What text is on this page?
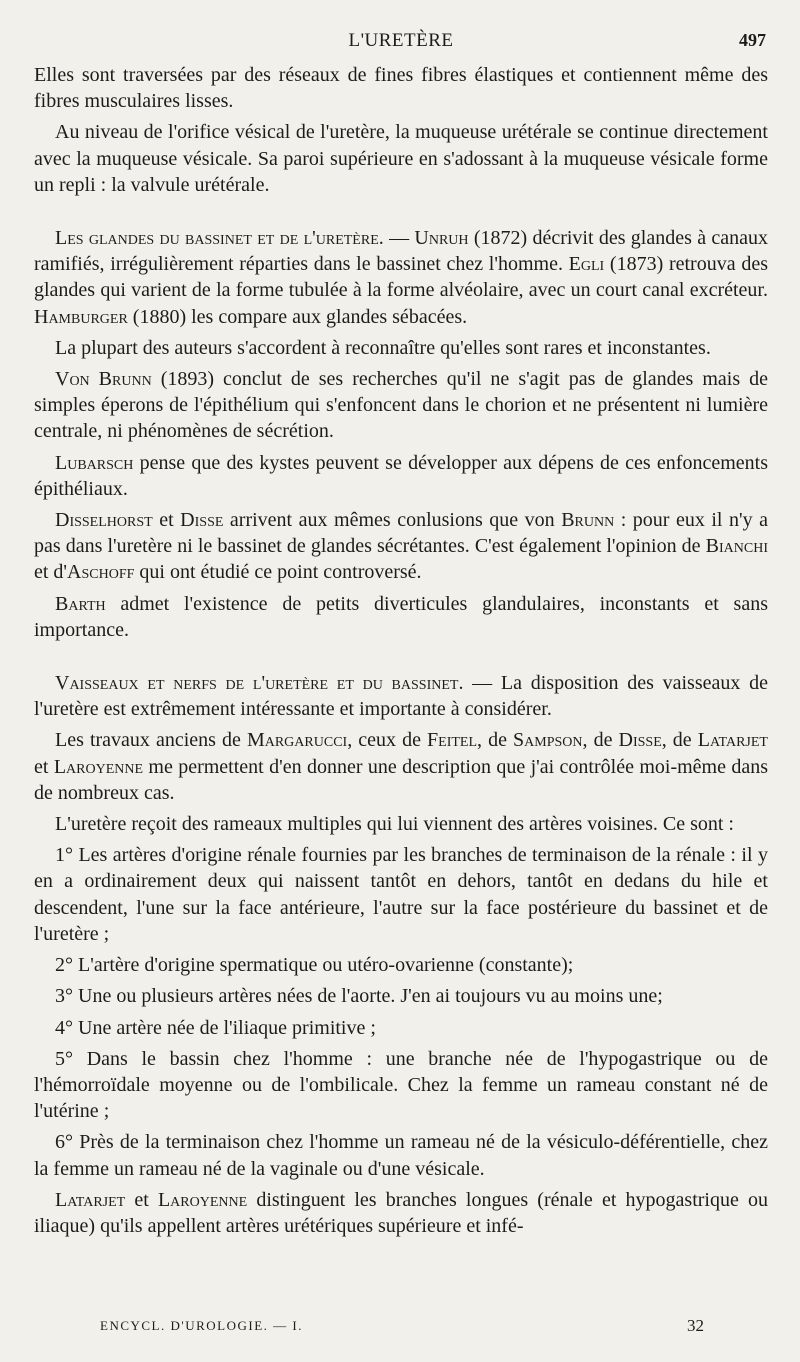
L'URETÈRE	497

Elles sont traversées par des réseaux de fines fibres élastiques et contiennent même des fibres musculaires lisses.

Au niveau de l'orifice vésical de l'uretère, la muqueuse urétérale se continue directement avec la muqueuse vésicale. Sa paroi supérieure en s'adossant à la muqueuse vésicale forme un repli : la valvule urétérale.

Les glandes du bassinet et de l'uretère. — Unruh (1872) décrivit des glandes à canaux ramifiés, irrégulièrement réparties dans le bassinet chez l'homme. Egli (1873) retrouva des glandes qui varient de la forme tubulée à la forme alvéolaire, avec un court canal excréteur. Hamburger (1880) les compare aux glandes sébacées.

La plupart des auteurs s'accordent à reconnaître qu'elles sont rares et inconstantes.

Von Brunn (1893) conclut de ses recherches qu'il ne s'agit pas de glandes mais de simples éperons de l'épithélium qui s'enfoncent dans le chorion et ne présentent ni lumière centrale, ni phénomènes de sécrétion.

Lubarsch pense que des kystes peuvent se développer aux dépens de ces enfoncements épithéliaux.

Disselhorst et Disse arrivent aux mêmes conlusions que von Brunn : pour eux il n'y a pas dans l'uretère ni le bassinet de glandes sécrétantes. C'est également l'opinion de Bianchi et d'Aschoff qui ont étudié ce point controversé.

Barth admet l'existence de petits diverticules glandulaires, inconstants et sans importance.

Vaisseaux et nerfs de l'uretère et du bassinet. — La disposition des vaisseaux de l'uretère est extrêmement intéressante et importante à considérer.

Les travaux anciens de Margarucci, ceux de Feitel, de Sampson, de Disse, de Latarjet et Laroyenne me permettent d'en donner une description que j'ai contrôlée moi-même dans de nombreux cas.

L'uretère reçoit des rameaux multiples qui lui viennent des artères voisines. Ce sont :

1° Les artères d'origine rénale fournies par les branches de terminaison de la rénale : il y en a ordinairement deux qui naissent tantôt en dehors, tantôt en dedans du hile et descendent, l'une sur la face antérieure, l'autre sur la face postérieure du bassinet et de l'uretère ;

2° L'artère d'origine spermatique ou utéro-ovarienne (constante);

3° Une ou plusieurs artères nées de l'aorte. J'en ai toujours vu au moins une;

4° Une artère née de l'iliaque primitive ;

5° Dans le bassin chez l'homme : une branche née de l'hypogastrique ou de l'hémorroïdale moyenne ou de l'ombilicale. Chez la femme un rameau constant né de l'utérine ;

6° Près de la terminaison chez l'homme un rameau né de la vésiculo-déférentielle, chez la femme un rameau né de la vaginale ou d'une vésicale.

Latarjet et Laroyenne distinguent les branches longues (rénale et hypogastrique ou iliaque) qu'ils appellent artères urétériques supérieure et infé-

ENCYCL. D'UROLOGIE. — I.	32
